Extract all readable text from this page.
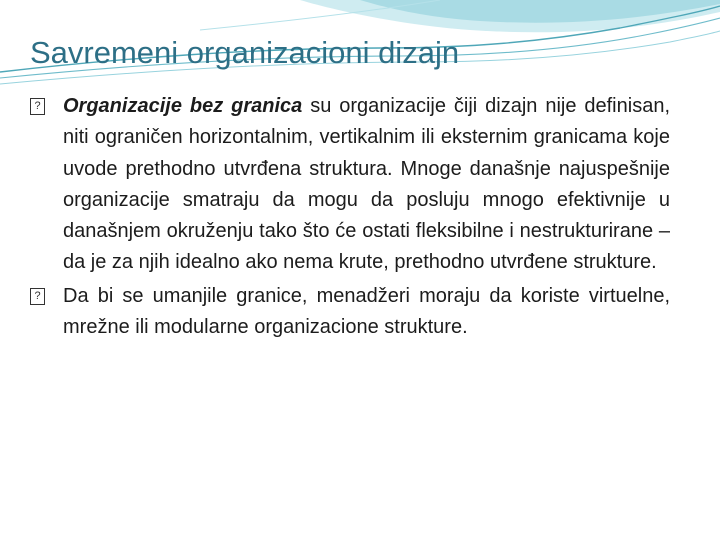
Savremeni organizacioni dizajn

? Organizacije bez granica su organizacije čiji dizajn nije definisan, niti ograničen horizontalnim, vertikalnim ili eksternim granicama koje uvode prethodno utvrđena struktura. Mnoge današnje najuspešnije organizacije smatraju da mogu da posluju mnogo efektivnije u današnjem okruženju tako što će ostati fleksibilne i nestrukturirane – da je za njih idealno ako nema krute, prethodno utvrđene strukture.

? Da bi se umanjile granice, menadžeri moraju da koriste virtuelne, mrežne ili modularne organizacione strukture.
